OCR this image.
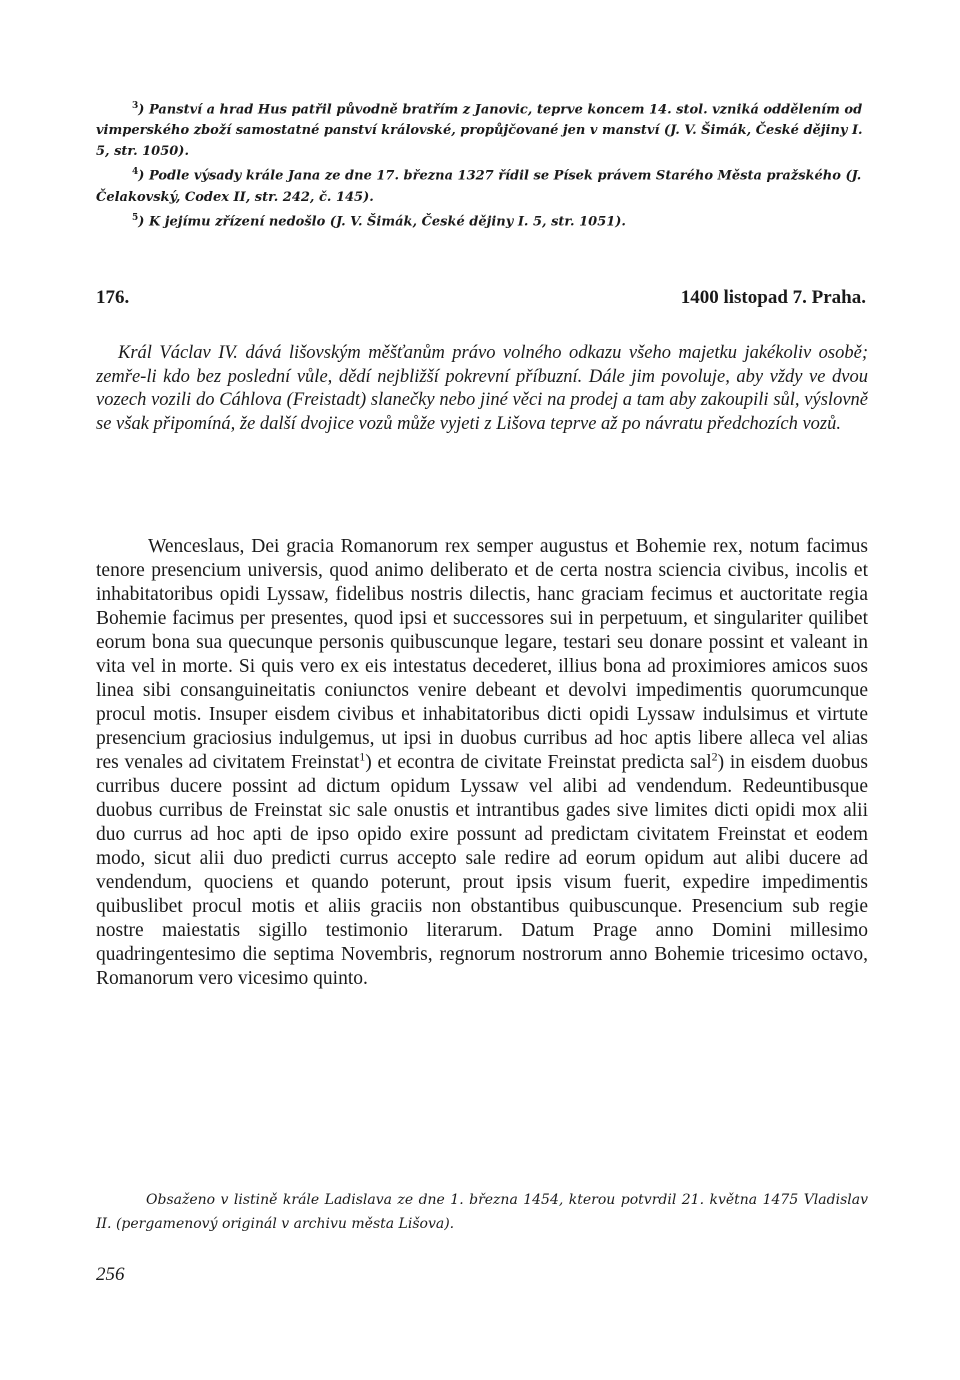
$^3$) Panství a hrad Hus patřil původně bratřím z Janovic, teprve koncem 14. stol. vzniká oddělením od vimperského zboží samostatné panství královské, propůjčované jen v manství (J. V. Šimák, České dějiny I. 5, str. 1050).

$^4$) Podle výsady krále Jana ze dne 17. března 1327 řídil se Písek právem Starého Města pražského (J. Čelakovský, Codex II, str. 242, č. 145).

$^5$) K jejímu zřízení nedošlo (J. V. Šimák, České dějiny I. 5, str. 1051).

176.	1400 listopad 7. Praha.

Král Václav IV. dává lišovským měšťanům právo volného odkazu všeho majetku jakékoliv osobě; zemře-li kdo bez poslední vůle, dědí nejbližší pokrevní příbuzní. Dále jim povoluje, aby vždy ve dvou vozech vozili do Cáhlova (Freistadt) slanečky nebo jiné věci na prodej a tam aby zakoupili sůl, výslovně se však připomíná, že další dvojice vozů může vyjeti z Lišova teprve až po návratu předchozích vozů.

Wenceslaus, Dei gracia Romanorum rex semper augustus et Bohemie rex, notum facimus tenore presencium universis, quod animo deliberato et de certa nostra sciencia civibus, incolis et inhabitatoribus opidi Lyssaw, fidelibus nostris dilectis, hanc graciam fecimus et auctoritate regia Bohemie facimus per presentes, quod ipsi et successores sui in perpetuum, et singulariter quilibet eorum bona sua quecunque personis quibuscunque legare, testari seu donare possint et valeant in vita vel in morte. Si quis vero ex eis intestatus decederet, illius bona ad proximiores amicos suos linea sibi consanguineitatis coniunctos venire debeant et devolvi impedimentis quorumcunque procul motis. Insuper eisdem civibus et inhabitatoribus dicti opidi Lyssaw indulsimus et virtute presencium graciosius indulgemus, ut ipsi in duobus curribus ad hoc aptis libere alleca vel alias res venales ad civitatem Freinstat$^1$) et econtra de civitate Freinstat predicta sal$^2$) in eisdem duobus curribus ducere possint ad dictum opidum Lyssaw vel alibi ad vendendum. Redeuntibusque duobus curribus de Freinstat sic sale onustis et intrantibus gades sive limites dicti opidi mox alii duo currus ad hoc apti de ipso opido exire possunt ad predictam civitatem Freinstat et eodem modo, sicut alii duo predicti currus accepto sale redire ad eorum opidum aut alibi ducere ad vendendum, quociens et quando poterunt, prout ipsis visum fuerit, expedire impedimentis quibuslibet procul motis et aliis graciis non obstantibus quibuscunque. Presencium sub regie nostre maiestatis sigillo testimonio literarum. Datum Prage anno Domini millesimo quadringentesimo die septima Novembris, regnorum nostrorum anno Bohemie tricesimo octavo, Romanorum vero vicesimo quinto.

Obsaženo v listině krále Ladislava ze dne 1. března 1454, kterou potvrdil 21. května 1475 Vladislav II. (pergamenový originál v archivu města Lišova).

256
